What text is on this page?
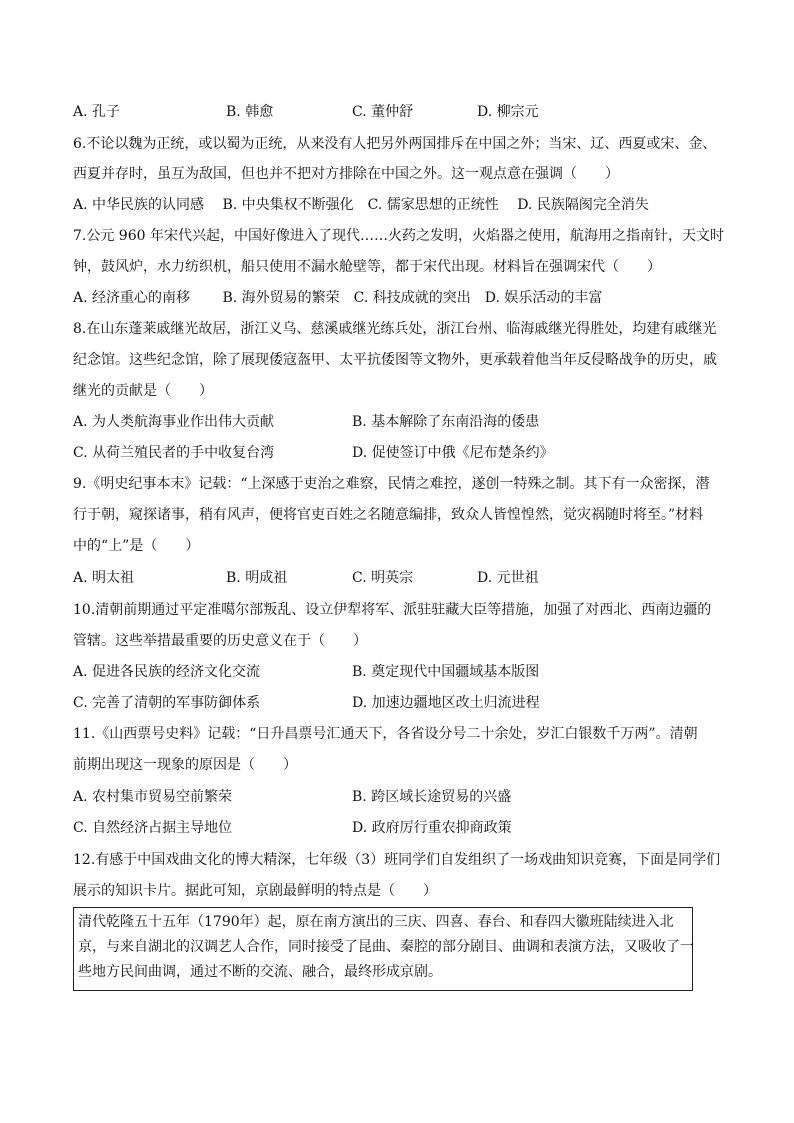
A. 孔子	B. 韩愈	C. 董仲舒	D. 柳宗元
6.不论以魏为正统，或以蜀为正统，从来没有人把另外两国排斥在中国之外；当宋、辽、西夏或宋、金、
西夏并存时，虽互为敌国，但也并不把对方排除在中国之外。这一观点意在强调（　　）
A. 中华民族的认同感　 B. 中央集权不断强化　C. 儒家思想的正统性　 D. 民族隔阂完全消失
7.公元 960 年宋代兴起，中国好像进入了现代……火药之发明，火焰器之使用，航海用之指南针，天文时
钟，鼓风炉，水力纺织机，船只使用不漏水舱壁等，都于宋代出现。材料旨在强调宋代（　　）
A. 经济重心的南移　　 B. 海外贸易的繁荣　C. 科技成就的突出　D. 娱乐活动的丰富
8.在山东蓬莱戚继光故居，浙江义乌、慈溪戚继光练兵处，浙江台州、临海戚继光得胜处，均建有戚继光
纪念馆。这些纪念馆，除了展现倭寇盔甲、太平抗倭图等文物外，更承载着他当年反侵略战争的历史，戚
继光的贡献是（　　）
A. 为人类航海事业作出伟大贡献	B. 基本解除了东南沿海的倭患
C. 从荷兰殖民者的手中收复台湾	D. 促使签订中俄《尼布楚条约》
9.《明史纪事本末》记载：“上深感于吏治之难察，民情之难控，遂创一特殊之制。其下有一众密探，潜
行于朝，窥探诸事，稍有风声，便将官吏百姓之名随意编排，致众人皆惶惶然，觉灾祸随时将至。”材料
中的“上”是（　　）
A. 明太祖	B. 明成祖	C. 明英宗	D. 元世祖
10.清朝前期通过平定准噶尔部叛乱、设立伊犁将军、派驻驻藏大臣等措施，加强了对西北、西南边疆的
管辖。这些举措最重要的历史意义在于（　　）
A. 促进各民族的经济文化交流	B. 奠定现代中国疆域基本版图
C. 完善了清朝的军事防御体系	D. 加速边疆地区改土归流进程
11.《山西票号史料》记载：“日升昌票号汇通天下，各省设分号二十余处，岁汇白银数千万两”。清朝
前期出现这一现象的原因是（　　）
A. 农村集市贸易空前繁荣	B. 跨区域长途贸易的兴盛
C. 自然经济占据主导地位	D. 政府厉行重农抑商政策
12.有感于中国戏曲文化的博大精深，七年级（3）班同学们自发组织了一场戏曲知识竞赛，下面是同学们
展示的知识卡片。据此可知，京剧最鲜明的特点是（　　）
清代乾隆五十五年（1790年）起，原在南方演出的三庆、四喜、春台、和春四大徽班陆续进入北
京，与来自湖北的汉调艺人合作，同时接受了昆曲、秦腔的部分剧目、曲调和表演方法，又吸收了一
些地方民间曲调，通过不断的交流、融合，最终形成京剧。
